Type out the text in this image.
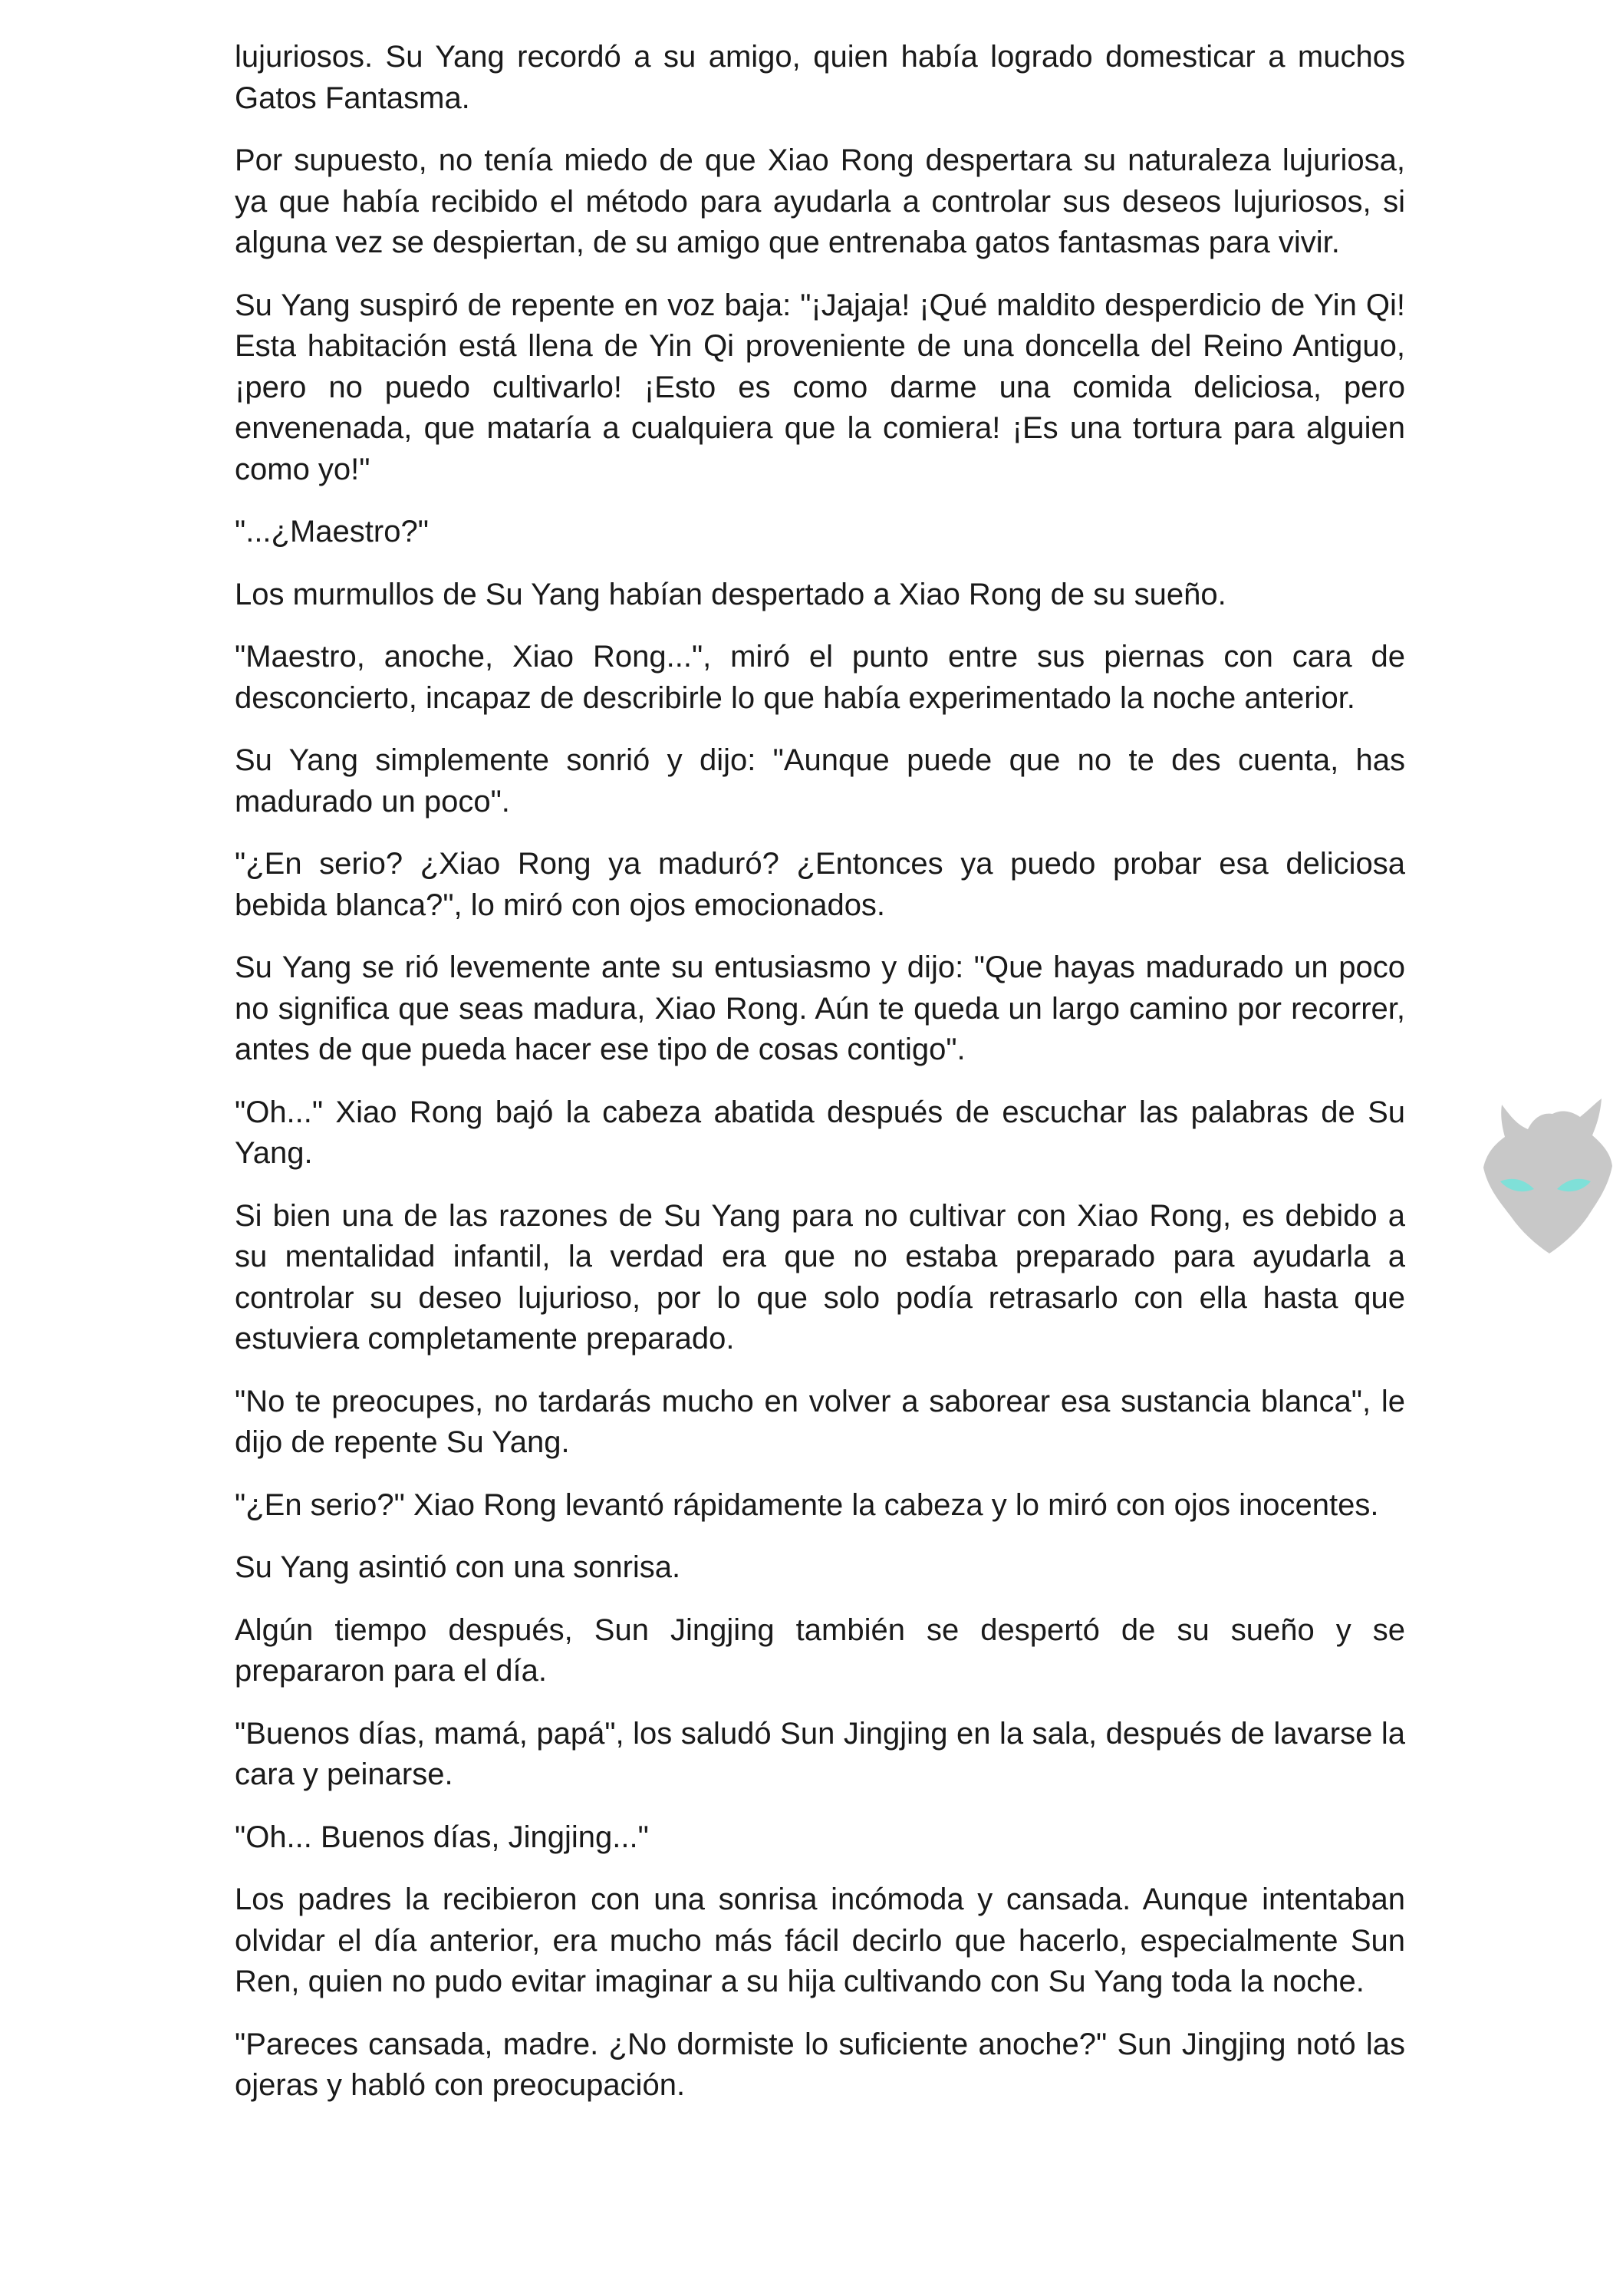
lujuriosos. Su Yang recordó a su amigo, quien había logrado domesticar a muchos Gatos Fantasma.

Por supuesto, no tenía miedo de que Xiao Rong despertara su naturaleza lujuriosa, ya que había recibido el método para ayudarla a controlar sus deseos lujuriosos, si alguna vez se despiertan, de su amigo que entrenaba gatos fantasmas para vivir.

Su Yang suspiró de repente en voz baja: "¡Jajaja! ¡Qué maldito desperdicio de Yin Qi! Esta habitación está llena de Yin Qi proveniente de una doncella del Reino Antiguo, ¡pero no puedo cultivarlo! ¡Esto es como darme una comida deliciosa, pero envenenada, que mataría a cualquiera que la comiera! ¡Es una tortura para alguien como yo!"

"...¿Maestro?"

Los murmullos de Su Yang habían despertado a Xiao Rong de su sueño.

"Maestro, anoche, Xiao Rong...", miró el punto entre sus piernas con cara de desconcierto, incapaz de describirle lo que había experimentado la noche anterior.

Su Yang simplemente sonrió y dijo: "Aunque puede que no te des cuenta, has madurado un poco".

"¿En serio? ¿Xiao Rong ya maduró? ¿Entonces ya puedo probar esa deliciosa bebida blanca?", lo miró con ojos emocionados.

Su Yang se rió levemente ante su entusiasmo y dijo: "Que hayas madurado un poco no significa que seas madura, Xiao Rong. Aún te queda un largo camino por recorrer, antes de que pueda hacer ese tipo de cosas contigo".

"Oh..." Xiao Rong bajó la cabeza abatida después de escuchar las palabras de Su Yang.

Si bien una de las razones de Su Yang para no cultivar con Xiao Rong, es debido a su mentalidad infantil, la verdad era que no estaba preparado para ayudarla a controlar su deseo lujurioso, por lo que solo podía retrasarlo con ella hasta que estuviera completamente preparado.

"No te preocupes, no tardarás mucho en volver a saborear esa sustancia blanca", le dijo de repente Su Yang.

"¿En serio?" Xiao Rong levantó rápidamente la cabeza y lo miró con ojos inocentes.

Su Yang asintió con una sonrisa.

Algún tiempo después, Sun Jingjing también se despertó de su sueño y se prepararon para el día.

"Buenos días, mamá, papá", los saludó Sun Jingjing en la sala, después de lavarse la cara y peinarse.

"Oh... Buenos días, Jingjing..."

Los padres la recibieron con una sonrisa incómoda y cansada. Aunque intentaban olvidar el día anterior, era mucho más fácil decirlo que hacerlo, especialmente Sun Ren, quien no pudo evitar imaginar a su hija cultivando con Su Yang toda la noche.

"Pareces cansada, madre. ¿No dormiste lo suficiente anoche?" Sun Jingjing notó las ojeras y habló con preocupación.
